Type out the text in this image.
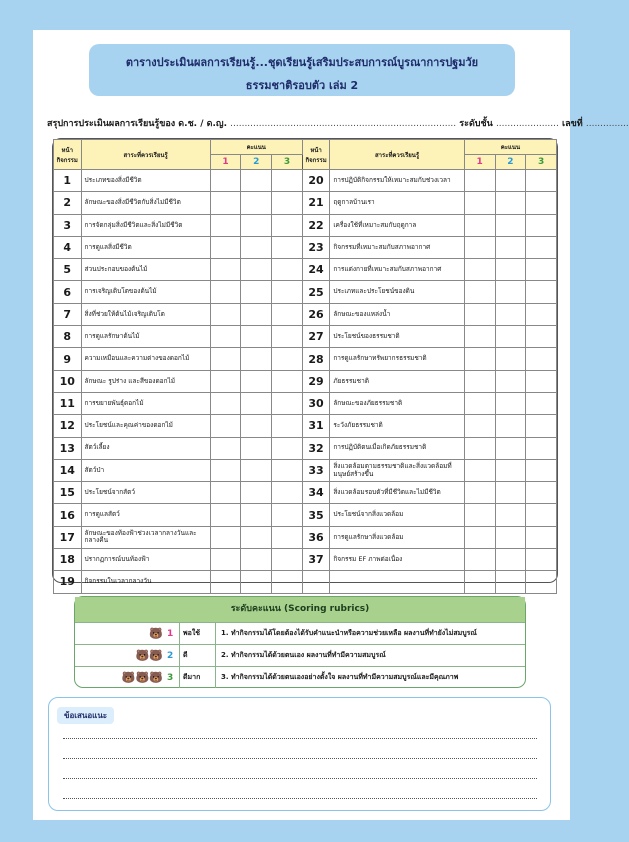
ตารางประเมินผลการเรียนรู้...ชุดเรียนรู้เสริมประสบการณ์บูรณาการปฐมวัย
ธรรมชาติรอบตัว เล่ม 2
สรุปการประเมินผลการเรียนรู้ของ ด.ช. / ด.ญ. ............................................................................... ระดับชั้น ...................... เลขที่ ...............
หน้ากิจกรรม	สาระที่ควรเรียนรู้	คะแนน			หน้ากิจกรรม	สาระที่ควรเรียนรู้	คะแนน		
		1	2	3			1	2	3
1	ประเภทของสิ่งมีชีวิต				20	การปฏิบัติกิจกรรมให้เหมาะสมกับช่วงเวลา			
2	ลักษณะของสิ่งมีชีวิตกับสิ่งไม่มีชีวิต				21	ฤดูกาลบ้านเรา			
3	การจัดกลุ่มสิ่งมีชีวิตและสิ่งไม่มีชีวิต				22	เครื่องใช้ที่เหมาะสมกับฤดูกาล			
4	การดูแลสิ่งมีชีวิต				23	กิจกรรมที่เหมาะสมกับสภาพอากาศ			
5	ส่วนประกอบของต้นไม้				24	การแต่งกายที่เหมาะสมกับสภาพอากาศ			
6	การเจริญเติบโตของต้นไม้				25	ประเภทและประโยชน์ของดิน			
7	สิ่งที่ช่วยให้ต้นไม้เจริญเติบโต				26	ลักษณะของแหล่งน้ำ			
8	การดูแลรักษาต้นไม้				27	ประโยชน์ของธรรมชาติ			
9	ความเหมือนและความต่างของดอกไม้				28	การดูแลรักษาทรัพยากรธรรมชาติ			
10	ลักษณะ รูปร่าง และสีของดอกไม้				29	ภัยธรรมชาติ			
11	การขยายพันธุ์ดอกไม้				30	ลักษณะของภัยธรรมชาติ			
12	ประโยชน์และคุณค่าของดอกไม้				31	ระวังภัยธรรมชาติ			
13	สัตว์เลี้ยง				32	การปฏิบัติตนเมื่อเกิดภัยธรรมชาติ			
14	สัตว์ป่า				33	สิ่งแวดล้อมตามธรรมชาติและสิ่งแวดล้อมที่มนุษย์สร้างขึ้น			
15	ประโยชน์จากสัตว์				34	สิ่งแวดล้อมรอบตัวที่มีชีวิตและไม่มีชีวิต			
16	การดูแลสัตว์				35	ประโยชน์จากสิ่งแวดล้อม			
17	ลักษณะของท้องฟ้าช่วงเวลากลางวันและกลางคืน				36	การดูแลรักษาสิ่งแวดล้อม			
18	ปรากฏการณ์บนท้องฟ้า				37	กิจกรรม EF ภาพต่อเนื่อง			
19	กิจกรรมในเวลากลางวัน								
ระดับคะแนน (Scoring rubrics)
🐻 1	พอใช้	1. ทำกิจกรรมได้โดยต้องได้รับคำแนะนำหรือความช่วยเหลือ ผลงานที่ทำยังไม่สมบูรณ์
🐻🐻 2	ดี	2. ทำกิจกรรมได้ด้วยตนเอง ผลงานที่ทำมีความสมบูรณ์
🐻🐻🐻 3	ดีมาก	3. ทำกิจกรรมได้ด้วยตนเองอย่างตั้งใจ ผลงานที่ทำมีความสมบูรณ์และมีคุณภาพ
ข้อเสนอแนะ
